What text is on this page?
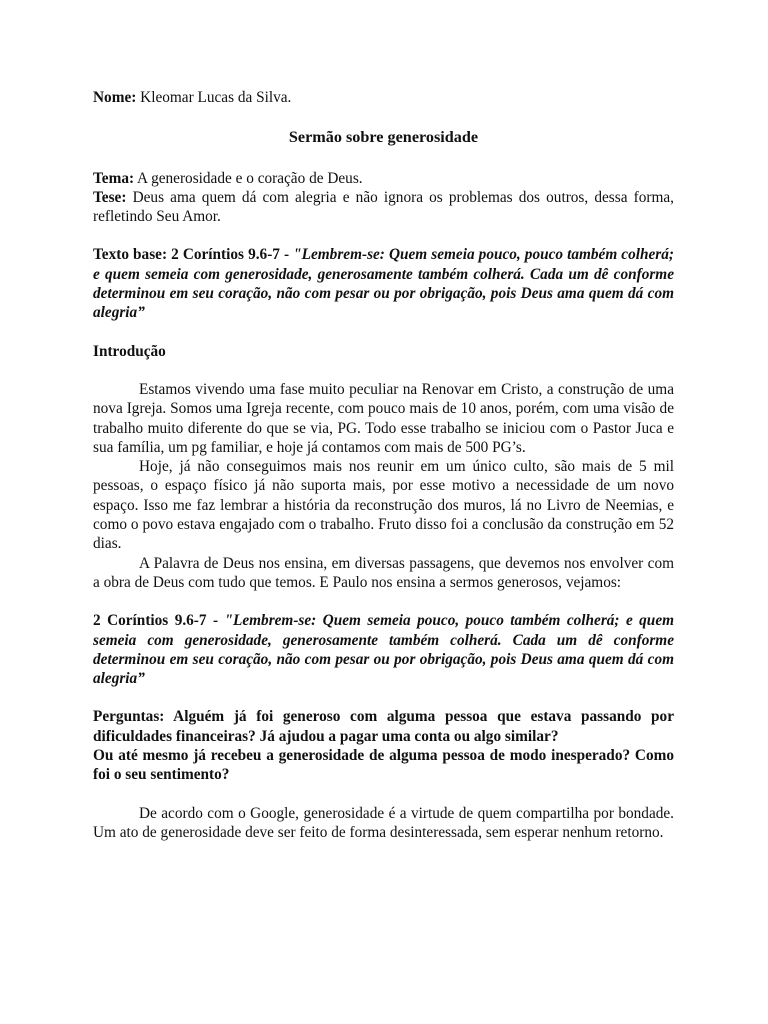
Nome: Kleomar Lucas da Silva.

Sermão sobre generosidade

Tema: A generosidade e o coração de Deus.

Tese: Deus ama quem dá com alegria e não ignora os problemas dos outros, dessa forma, refletindo Seu Amor.

Texto base: 2 Coríntios 9.6-7 - "Lembrem-se: Quem semeia pouco, pouco também colherá; e quem semeia com generosidade, generosamente também colherá. Cada um dê conforme determinou em seu coração, não com pesar ou por obrigação, pois Deus ama quem dá com alegria”

Introdução

Estamos vivendo uma fase muito peculiar na Renovar em Cristo, a construção de uma nova Igreja. Somos uma Igreja recente, com pouco mais de 10 anos, porém, com uma visão de trabalho muito diferente do que se via, PG. Todo esse trabalho se iniciou com o Pastor Juca e sua família, um pg familiar, e hoje já contamos com mais de 500 PG’s.

Hoje, já não conseguimos mais nos reunir em um único culto, são mais de 5 mil pessoas, o espaço físico já não suporta mais, por esse motivo a necessidade de um novo espaço. Isso me faz lembrar a história da reconstrução dos muros, lá no Livro de Neemias, e como o povo estava engajado com o trabalho. Fruto disso foi a conclusão da construção em 52 dias.

A Palavra de Deus nos ensina, em diversas passagens, que devemos nos envolver com a obra de Deus com tudo que temos. E Paulo nos ensina a sermos generosos, vejamos:

2 Coríntios 9.6-7 - "Lembrem-se: Quem semeia pouco, pouco também colherá; e quem semeia com generosidade, generosamente também colherá. Cada um dê conforme determinou em seu coração, não com pesar ou por obrigação, pois Deus ama quem dá com alegria”

Perguntas: Alguém já foi generoso com alguma pessoa que estava passando por dificuldades financeiras? Já ajudou a pagar uma conta ou algo similar?

Ou até mesmo já recebeu a generosidade de alguma pessoa de modo inesperado? Como foi o seu sentimento?

De acordo com o Google, generosidade é a virtude de quem compartilha por bondade. Um ato de generosidade deve ser feito de forma desinteressada, sem esperar nenhum retorno.
